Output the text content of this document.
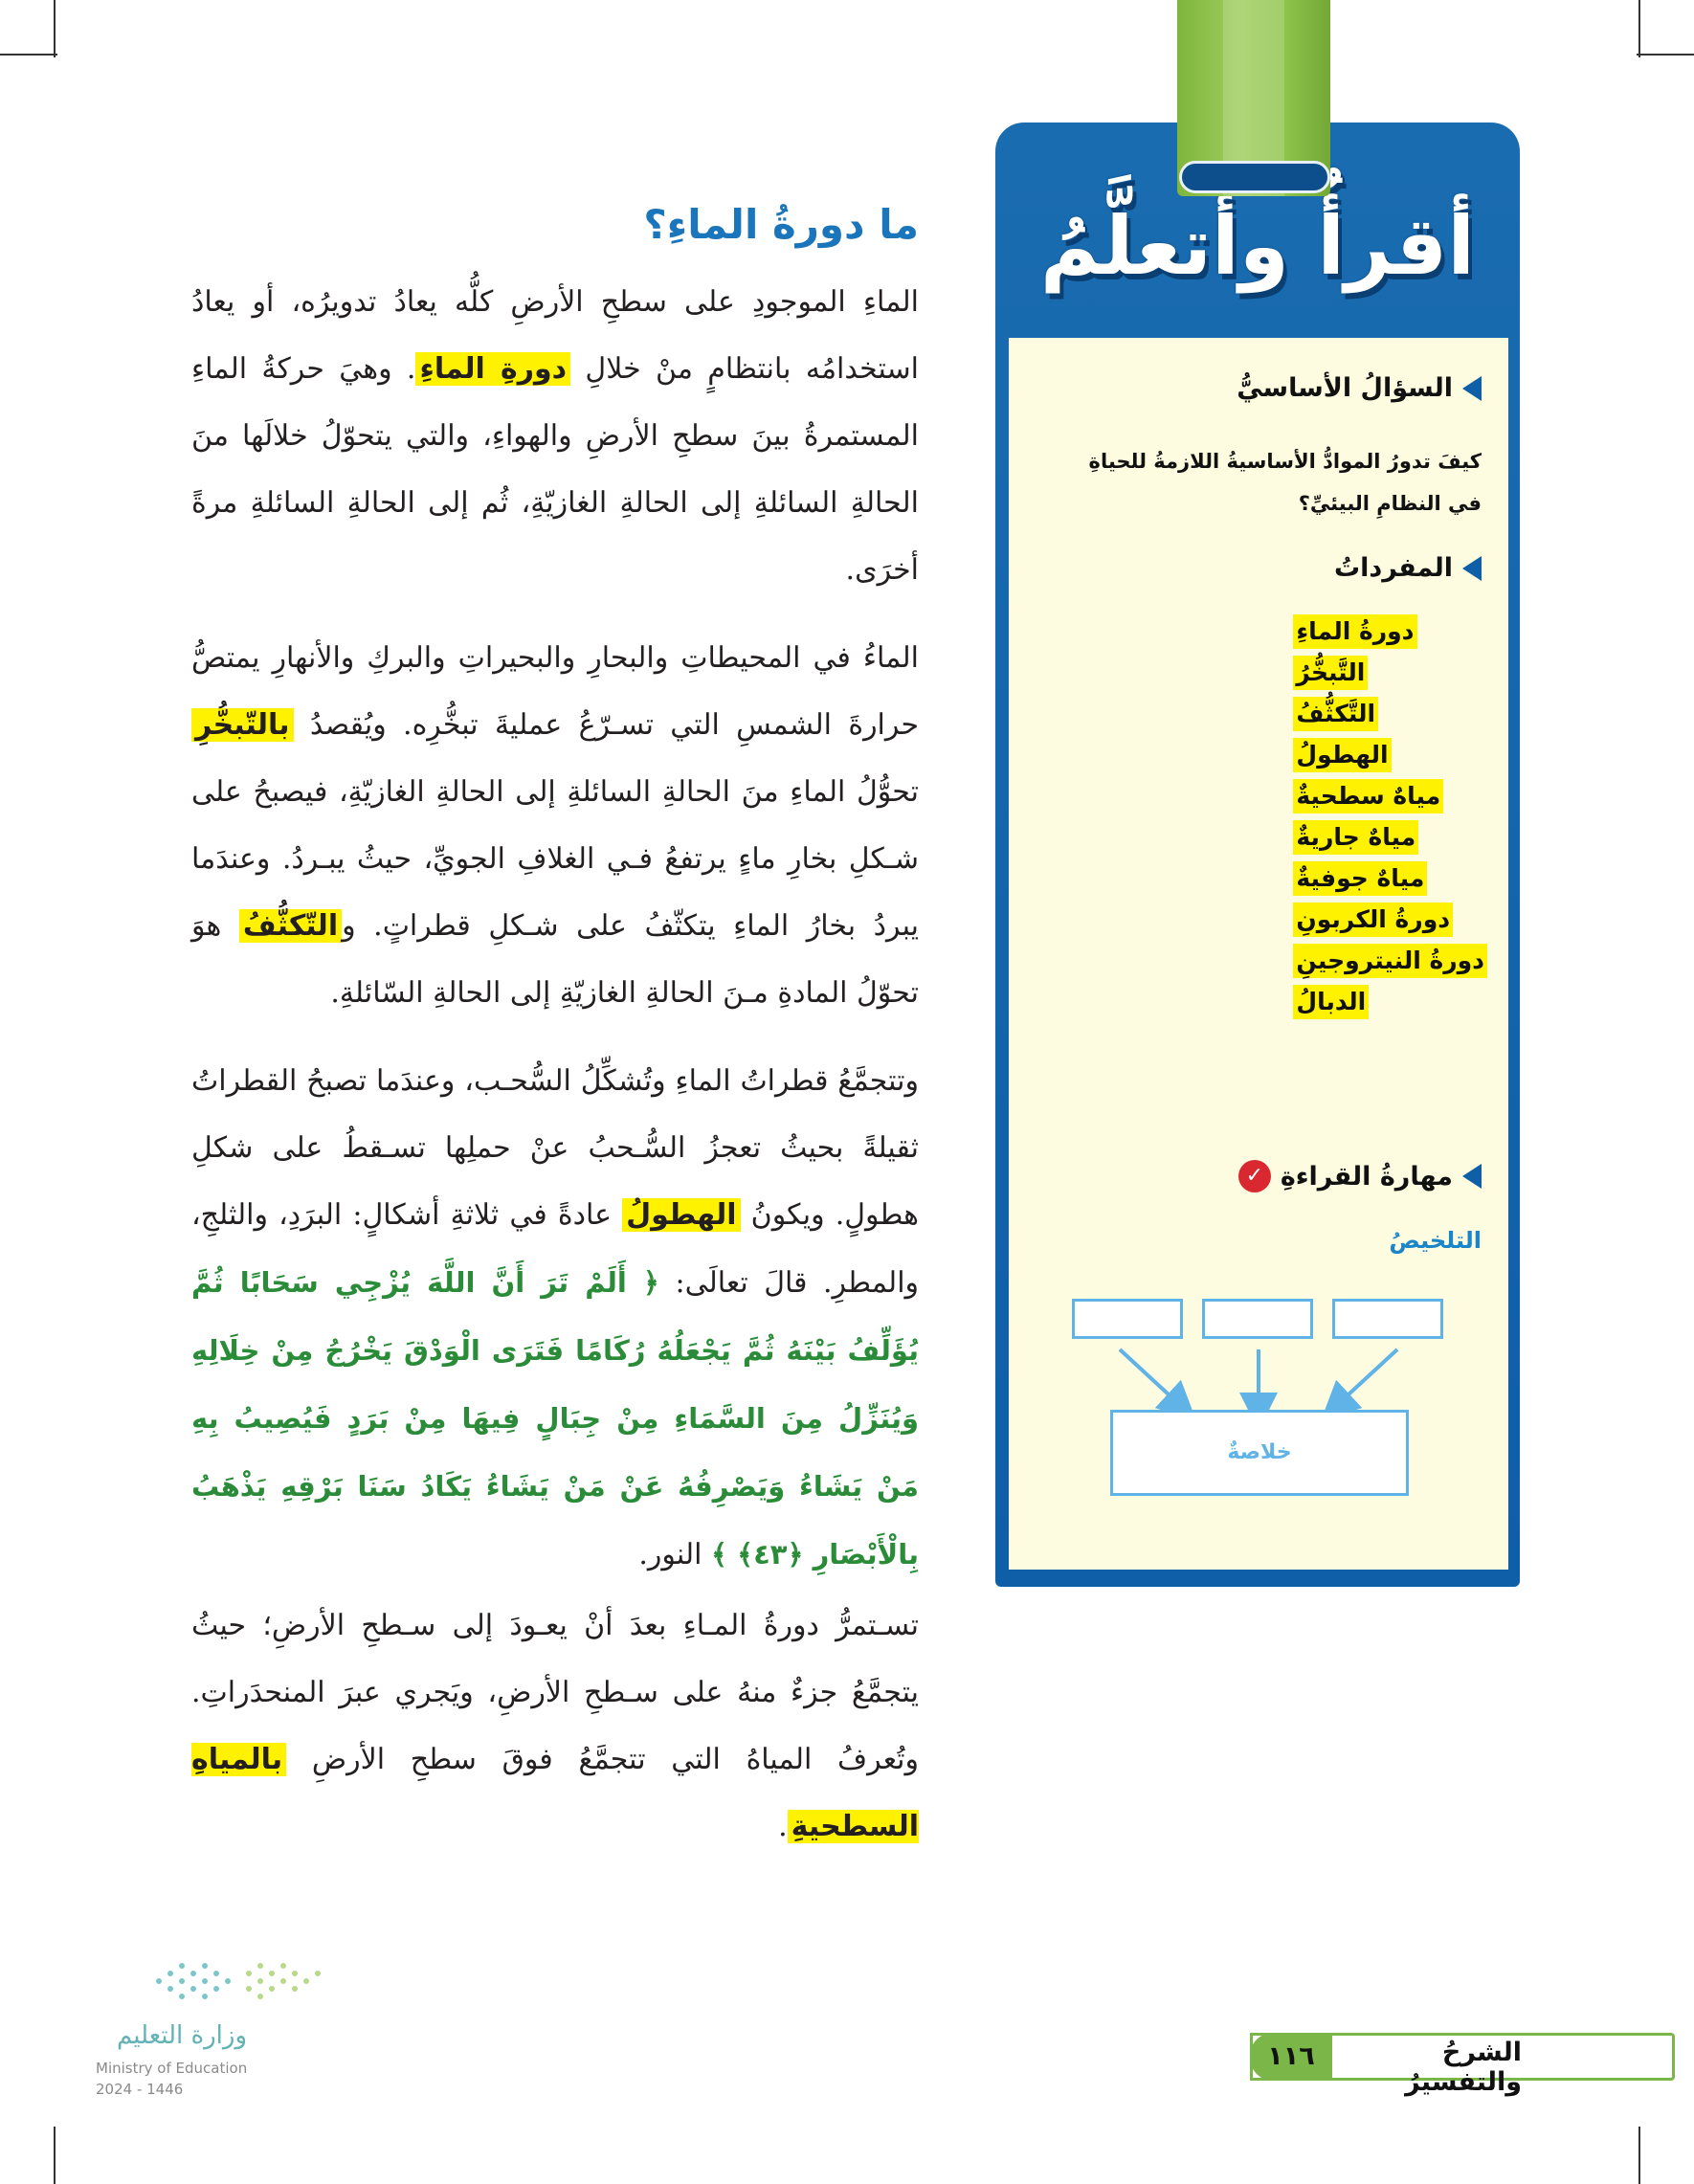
أقرأُ وأتعلَّمُ
السؤالُ الأساسيُّ
كيفَ تدورُ الموادُّ الأساسيةُ اللازمةُ للحياةِ
في النظامِ البيئيِّ؟
المفرداتُ
دورةُ الماءِ
التَّبخُّرُ
التَّكثُّفُ
الهطولُ
مياهٌ سطحيةٌ
مياهٌ جاريةٌ
مياهٌ جوفيةٌ
دورةُ الكربونِ
دورةُ النيتروجينِ
الدبالُ
مهارةُ القراءةِ
✓
التلخيصُ
خلاصةٌ
ما دورةُ الماءِ؟
الماءِ الموجودِ على سطحِ الأرضِ كلُّه يعادُ تدويرُه، أو يعادُ استخدامُه بانتظامٍ منْ خلالِ دورةِ الماءِ. وهيَ حركةُ الماءِ المستمرةُ بينَ سطحِ الأرضِ والهواءِ، والتي يتحوّلُ خلالَها منَ الحالةِ السائلةِ إلى الحالةِ الغازيّةِ، ثُم إلى الحالةِ السائلةِ مرةً أخرَى.
الماءُ في المحيطاتِ والبحارِ والبحيراتِ والبركِ والأنهارِ يمتصُّ حرارةَ الشمسِ التي تسـرّعُ عمليةَ تبخُّرِه. ويُقصدُ بالتّبخُّرِ تحوُّلُ الماءِ منَ الحالةِ السائلةِ إلى الحالةِ الغازيّةِ، فيصبحُ على شـكلِ بخارِ ماءٍ يرتفعُ فـي الغلافِ الجويِّ، حيثُ يبـردُ. وعندَما يبردُ بخارُ الماءِ يتكثّفُ على شـكلِ قطراتٍ. والتّكثُّفُ هوَ تحوّلُ المادةِ مـنَ الحالةِ الغازيّةِ إلى الحالةِ السّائلةِ.
وتتجمَّعُ قطراتُ الماءِ وتُشكِّلُ السُّحـب، وعندَما تصبحُ القطراتُ ثقيلةً بحيثُ تعجزُ السُّـحبُ عنْ حملِها تسـقطُ على شكلِ هطولٍ. ويكونُ الهطولُ عادةً في ثلاثةِ أشكالٍ: البرَدِ، والثلجِ، والمطرِ. قالَ تعالَى: ﴿ أَلَمْ تَرَ أَنَّ اللَّهَ يُزْجِي سَحَابًا ثُمَّ يُؤَلِّفُ بَيْنَهُ ثُمَّ يَجْعَلُهُ رُكَامًا فَتَرَى الْوَدْقَ يَخْرُجُ مِنْ خِلَالِهِ وَيُنَزِّلُ مِنَ السَّمَاءِ مِنْ جِبَالٍ فِيهَا مِنْ بَرَدٍ فَيُصِيبُ بِهِ مَنْ يَشَاءُ وَيَصْرِفُهُ عَنْ مَنْ يَشَاءُ يَكَادُ سَنَا بَرْقِهِ يَذْهَبُ بِالْأَبْصَارِ ﴿٤٣﴾ ﴾ النور.
تسـتمرُّ دورةُ المـاءِ بعدَ أنْ يعـودَ إلى سـطحِ الأرضِ؛ حيثُ يتجمَّعُ جزءٌ منهُ على سـطحِ الأرضِ، ويَجري عبرَ المنحدَراتِ. وتُعرفُ المياهُ التي تتجمَّعُ فوقَ سطحِ الأرضِ بالمياهِ السطحيةِ.
الشرحُ والتفسيرُ
١١٦
وزارة التعليم
Ministry of Education
2024 - 1446
